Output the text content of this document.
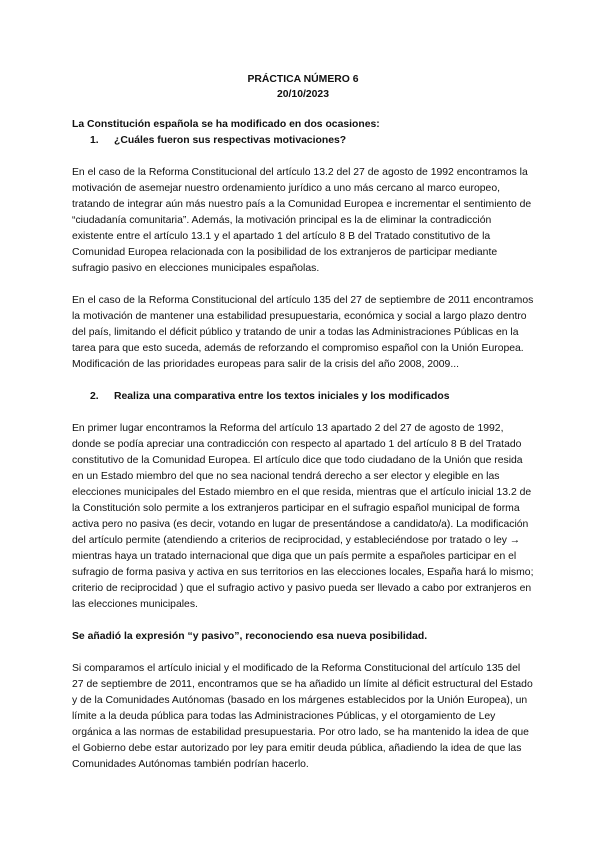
PRÁCTICA NÚMERO 6

20/10/2023

La Constitución española se ha modificado en dos ocasiones:

1.	¿Cuáles fueron sus respectivas motivaciones?

En el caso de la Reforma Constitucional del artículo 13.2 del 27 de agosto de 1992 encontramos la motivación de asemejar nuestro ordenamiento jurídico a uno más cercano al marco europeo, tratando de integrar aún más nuestro país a la Comunidad Europea e incrementar el sentimiento de “ciudadanía comunitaria”. Además, la motivación principal es la de eliminar la contradicción existente entre el artículo 13.1 y el apartado 1 del artículo 8 B del Tratado constitutivo de la Comunidad Europea relacionada con la posibilidad de los extranjeros de participar mediante sufragio pasivo en elecciones municipales españolas.

En el caso de la Reforma Constitucional del artículo 135 del 27 de septiembre de 2011 encontramos la motivación de mantener una estabilidad presupuestaria, económica y social a largo plazo dentro del país, limitando el déficit público y tratando de unir a todas las Administraciones Públicas en la tarea para que esto suceda, además de reforzando el compromiso español con la Unión Europea. Modificación de las prioridades europeas para salir de la crisis del año 2008, 2009...

2.	Realiza una comparativa entre los textos iniciales y los modificados

En primer lugar encontramos la Reforma del artículo 13 apartado 2 del 27 de agosto de 1992, donde se podía apreciar una contradicción con respecto al apartado 1 del artículo 8 B del Tratado constitutivo de la Comunidad Europea. El artículo dice que todo ciudadano de la Unión que resida en un Estado miembro del que no sea nacional tendrá derecho a ser elector y elegible en las elecciones municipales del Estado miembro en el que resida, mientras que el artículo inicial 13.2 de la Constitución solo permite a los extranjeros participar en el sufragio español municipal de forma activa pero no pasiva (es decir, votando en lugar de presentándose a candidato/a). La modificación del artículo permite (atendiendo a criterios de reciprocidad, y estableciéndose por tratado o ley → mientras haya un tratado internacional que diga que un país permite a españoles participar en el sufragio de forma pasiva y activa en sus territorios en las elecciones locales, España hará lo mismo; criterio de reciprocidad ) que el sufragio activo y pasivo pueda ser llevado a cabo por extranjeros en las elecciones municipales.

Se añadió la expresión “y pasivo”, reconociendo esa nueva posibilidad.

Si comparamos el artículo inicial y el modificado de la Reforma Constitucional del artículo 135 del 27 de septiembre de 2011, encontramos que se ha añadido un límite al déficit estructural del Estado y de la Comunidades Autónomas (basado en los márgenes establecidos por la Unión Europea), un límite a la deuda pública para todas las Administraciones Públicas, y el otorgamiento de Ley orgánica a las normas de estabilidad presupuestaria. Por otro lado, se ha mantenido la idea de que el Gobierno debe estar autorizado por ley para emitir deuda pública, añadiendo la idea de que las Comunidades Autónomas también podrían hacerlo.
